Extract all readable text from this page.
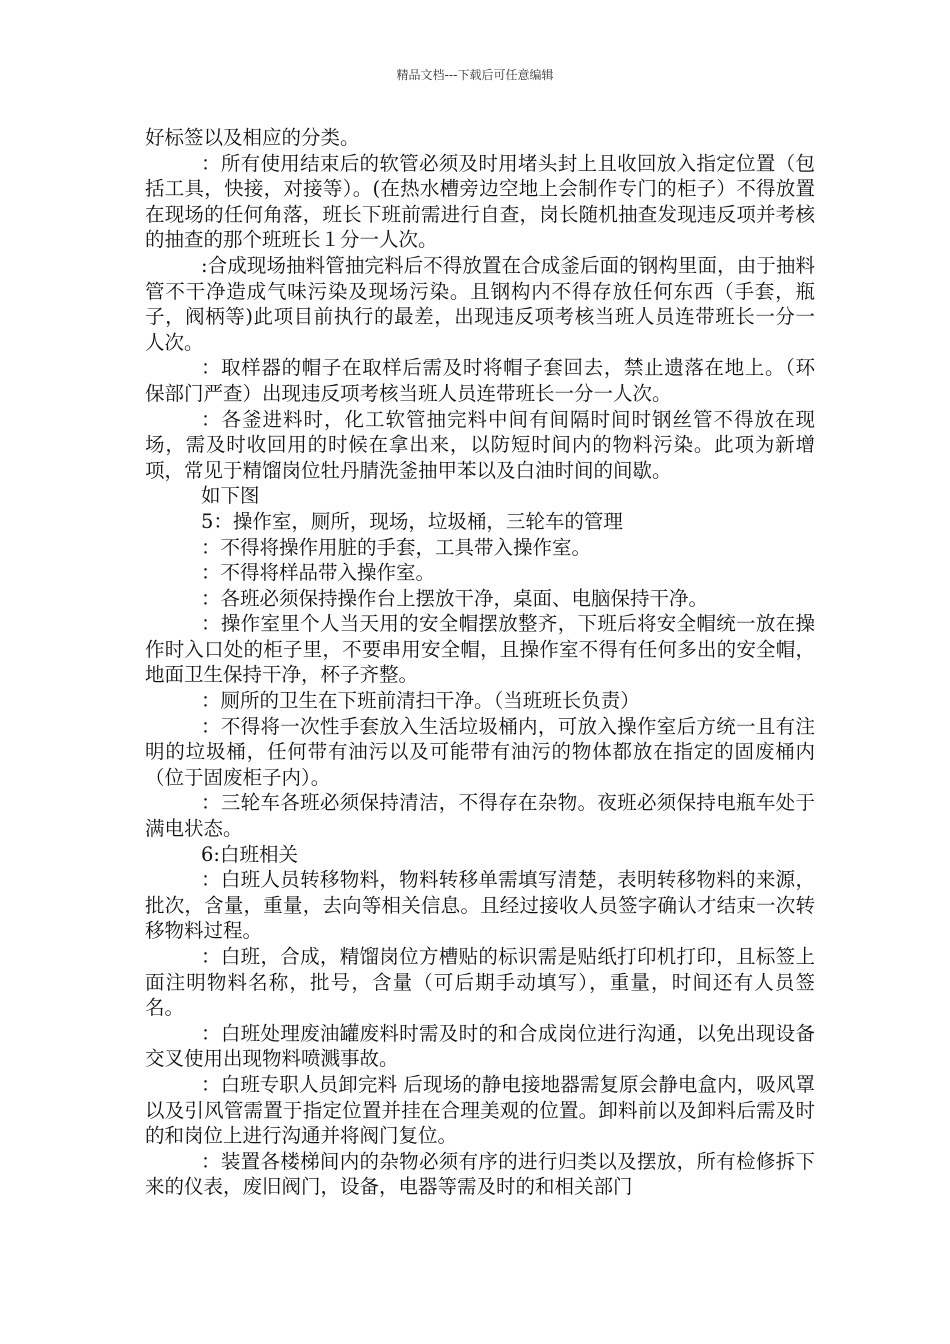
精品文档---下载后可任意编辑

好标签以及相应的分类。

：所有使用结束后的软管必须及时用堵头封上且收回放入指定位置（包括工具，快接，对接等）。(在热水槽旁边空地上会制作专门的柜子）不得放置在现场的任何角落，班长下班前需进行自查，岗长随机抽查发现违反项并考核的抽查的那个班班长１分一人次。

:合成现场抽料管抽完料后不得放置在合成釜后面的钢构里面，由于抽料管不干净造成气味污染及现场污染。且钢构内不得存放任何东西（手套，瓶子，阀柄等)此项目前执行的最差，出现违反项考核当班人员连带班长一分一人次。

：取样器的帽子在取样后需及时将帽子套回去，禁止遗落在地上。（环保部门严查）出现违反项考核当班人员连带班长一分一人次。

：各釜进料时，化工软管抽完料中间有间隔时间时钢丝管不得放在现场，需及时收回用的时候在拿出来，以防短时间内的物料污染。此项为新增项，常见于精馏岗位牡丹腈洗釜抽甲苯以及白油时间的间歇。

如下图

5：操作室，厕所，现场，垃圾桶，三轮车的管理

：不得将操作用脏的手套，工具带入操作室。

：不得将样品带入操作室。

：各班必须保持操作台上摆放干净，桌面、电脑保持干净。

：操作室里个人当天用的安全帽摆放整齐，下班后将安全帽统一放在操作时入口处的柜子里，不要串用安全帽，且操作室不得有任何多出的安全帽，地面卫生保持干净，杯子齐整。

：厕所的卫生在下班前清扫干净。（当班班长负责）

：不得将一次性手套放入生活垃圾桶内，可放入操作室后方统一且有注明的垃圾桶，任何带有油污以及可能带有油污的物体都放在指定的固废桶内（位于固废柜子内）。

：三轮车各班必须保持清洁，不得存在杂物。夜班必须保持电瓶车处于满电状态。

6:白班相关

：白班人员转移物料，物料转移单需填写清楚，表明转移物料的来源，批次，含量，重量，去向等相关信息。且经过接收人员签字确认才结束一次转移物料过程。

：白班，合成，精馏岗位方槽贴的标识需是贴纸打印机打印，且标签上面注明物料名称，批号，含量（可后期手动填写），重量，时间还有人员签名。

：白班处理废油罐废料时需及时的和合成岗位进行沟通，以免出现设备交叉使用出现物料喷溅事故。

：白班专职人员卸完料 后现场的静电接地器需复原会静电盒内，吸风罩以及引风管需置于指定位置并挂在合理美观的位置。卸料前以及卸料后需及时的和岗位上进行沟通并将阀门复位。

：装置各楼梯间内的杂物必须有序的进行归类以及摆放，所有检修拆下来的仪表，废旧阀门，设备，电器等需及时的和相关部门
